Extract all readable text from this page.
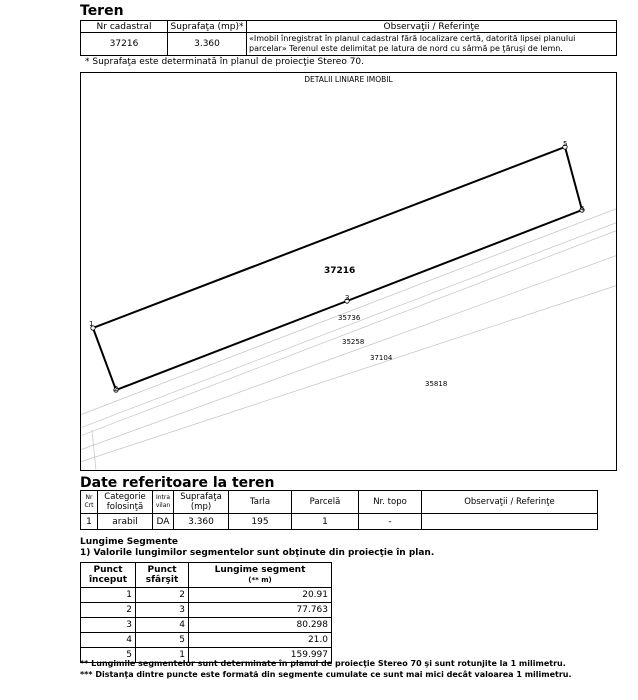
Teren
Nr cadastral	Suprafaţa (mp)*	Observaţii / Referinţe
37216	3.360	«Imobil înregistrat în planul cadastral fără localizare certă, datorită lipsei planului parcelar» Terenul este delimitat pe latura de nord cu sârmă pe ţăruşi de lemn.
* Suprafaţa este determinată în planul de proiecţie Stereo 70.
DETALII LINIARE IMOBIL
1
2
3
4
5
37216
35736
35258
37104
35818
Date referitoare la teren
Nr Crt	Categorie folosinţă	Intra vilan	Suprafaţa (mp)	Tarla	Parcelă	Nr. topo	Observaţii / Referinţe
1	arabil	DA	3.360	195	1	-	
Lungime Segmente
1) Valorile lungimilor segmentelor sunt obţinute din proiecţie în plan.
Punct început	Punct sfârşit	Lungime segment
(** m)
1	2	20.91
2	3	77.763
3	4	80.298
4	5	21.0
5	1	159.997
** Lungimile segmentelor sunt determinate în planul de proiecţie Stereo 70 şi sunt rotunjite la 1 milimetru.
*** Distanţa dintre puncte este formată din segmente cumulate ce sunt mai mici decât valoarea 1 milimetru.
